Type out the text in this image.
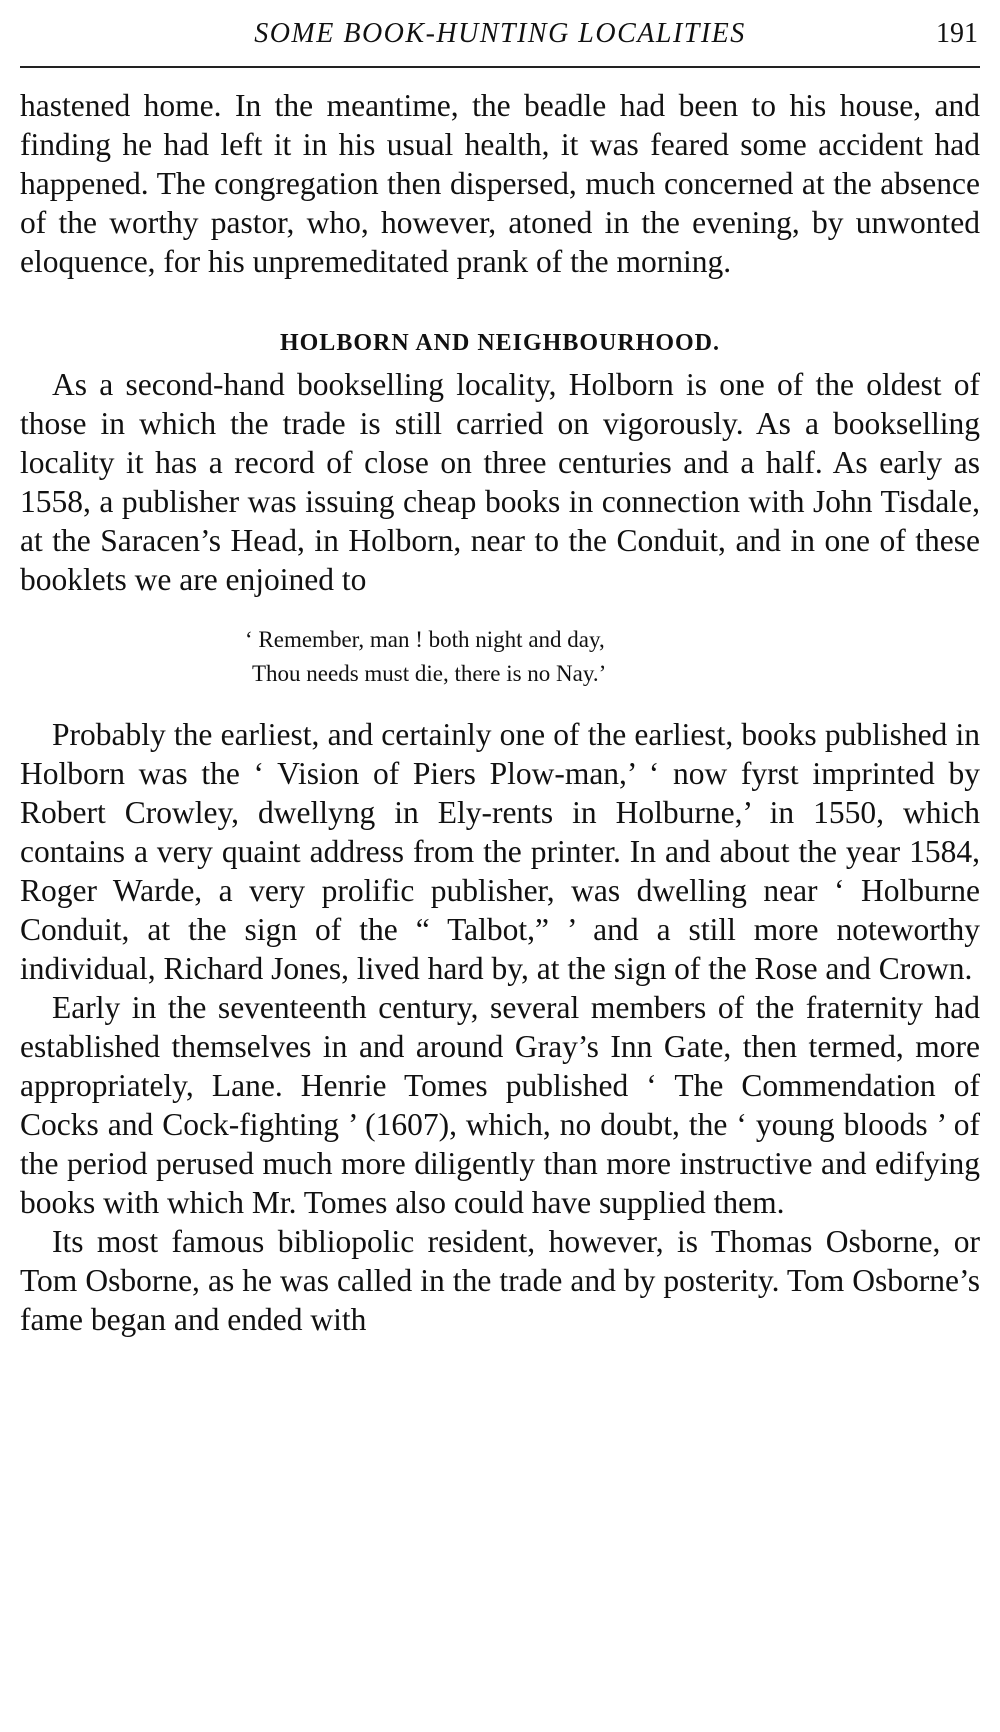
SOME BOOK-HUNTING LOCALITIES	191

hastened home. In the meantime, the beadle had been to his house, and finding he had left it in his usual health, it was feared some accident had happened. The congregation then dispersed, much concerned at the absence of the worthy pastor, who, however, atoned in the evening, by unwonted eloquence, for his unpremeditated prank of the morning.

HOLBORN AND NEIGHBOURHOOD.

As a second-hand bookselling locality, Holborn is one of the oldest of those in which the trade is still carried on vigorously. As a bookselling locality it has a record of close on three centuries and a half. As early as 1558, a publisher was issuing cheap books in connection with John Tisdale, at the Saracen’s Head, in Holborn, near to the Conduit, and in one of these booklets we are enjoined to

‘ Remember, man ! both night and day,
Thou needs must die, there is no Nay.’

Probably the earliest, and certainly one of the earliest, books published in Holborn was the ‘ Vision of Piers Plow-man,’ ‘ now fyrst imprinted by Robert Crowley, dwellyng in Ely-rents in Holburne,’ in 1550, which contains a very quaint address from the printer. In and about the year 1584, Roger Warde, a very prolific publisher, was dwelling near ‘ Holburne Conduit, at the sign of the “ Talbot,” ’ and a still more noteworthy individual, Richard Jones, lived hard by, at the sign of the Rose and Crown.

Early in the seventeenth century, several members of the fraternity had established themselves in and around Gray’s Inn Gate, then termed, more appropriately, Lane. Henrie Tomes published ‘ The Commendation of Cocks and Cock-fighting ’ (1607), which, no doubt, the ‘ young bloods ’ of the period perused much more diligently than more instructive and edifying books with which Mr. Tomes also could have supplied them.

Its most famous bibliopolic resident, however, is Thomas Osborne, or Tom Osborne, as he was called in the trade and by posterity. Tom Osborne’s fame began and ended with
